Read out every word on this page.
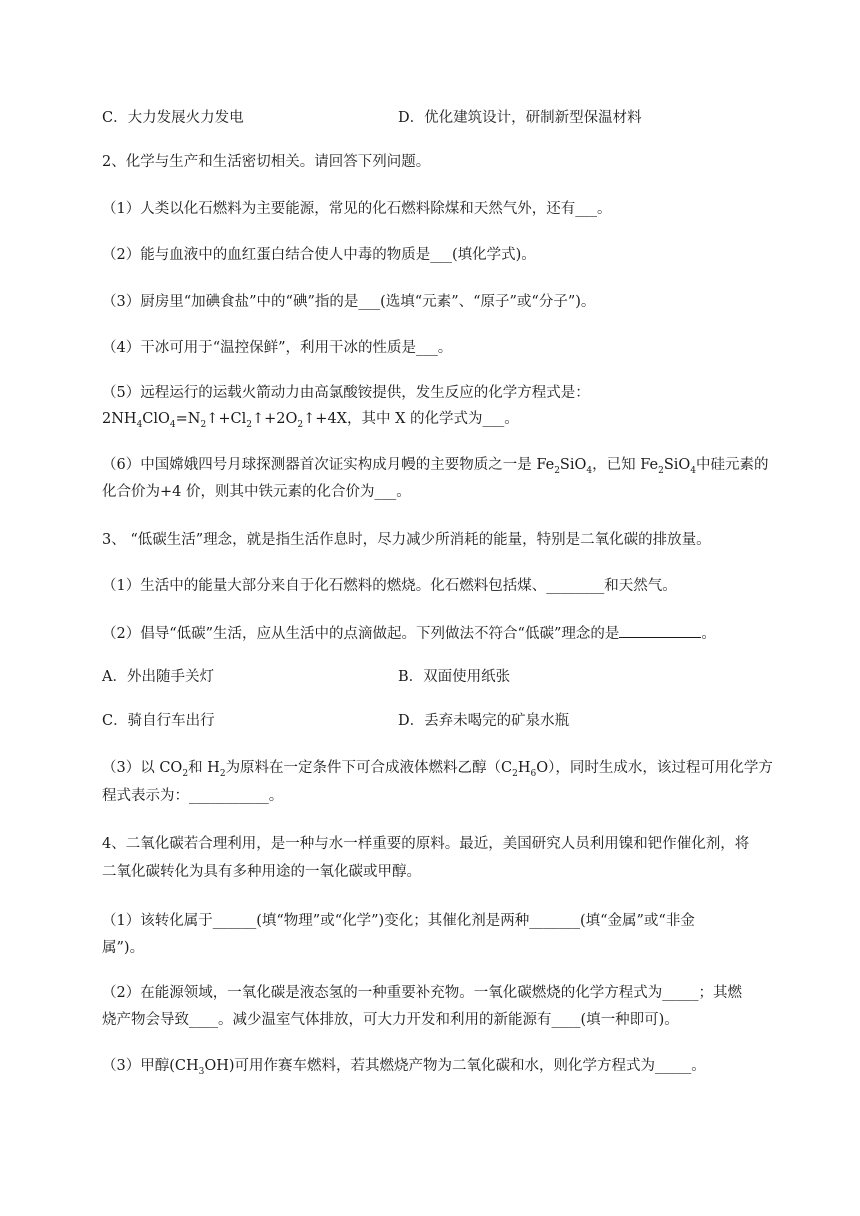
C．大力发展火力发电	D．优化建筑设计，研制新型保温材料
2、化学与生产和生活密切相关。请回答下列问题。
（1）人类以化石燃料为主要能源，常见的化石燃料除煤和天然气外，还有___。
（2）能与血液中的血红蛋白结合使人中毒的物质是___(填化学式)。
（3）厨房里“加碘食盐”中的“碘”指的是___(选填“元素”、“原子”或“分子”)。
（4）干冰可用于“温控保鲜”，利用干冰的性质是___。
（5）远程运行的运载火箭动力由高氯酸铵提供，发生反应的化学方程式是：
$2NH_4ClO_4=N_2↑+Cl_2↑+2O_2↑+4X$，其中 X 的化学式为___。
（6）中国嫦娥四号月球探测器首次证实构成月幔的主要物质之一是 $Fe_2SiO_4$，已知 $Fe_2SiO_4$中硅元素的
化合价为+4 价，则其中铁元素的化合价为___。
3、 “低碳生活”理念，就是指生活作息时，尽力减少所消耗的能量，特别是二氧化碳的排放量。
（1）生活中的能量大部分来自于化石燃料的燃烧。化石燃料包括煤、________和天然气。
（2）倡导“低碳”生活，应从生活中的点滴做起。下列做法不符合“低碳”理念的是	。
A．外出随手关灯	B．双面使用纸张
C．骑自行车出行	D．丢弃未喝完的矿泉水瓶
（3）以 $CO_2$和 $H_2$为原料在一定条件下可合成液体燃料乙醇$(C_2H_6O)$，同时生成水，该过程可用化学方
程式表示为：___________。
4、二氧化碳若合理利用，是一种与水一样重要的原料。最近，美国研究人员利用镍和钯作催化剂，将
二氧化碳转化为具有多种用途的一氧化碳或甲醇。
（1）该转化属于______(填“物理”或“化学”)变化；其催化剂是两种_______(填“金属”或“非金
属”)。
（2）在能源领域，一氧化碳是液态氢的一种重要补充物。一氧化碳燃烧的化学方程式为_____；其燃
烧产物会导致____。减少温室气体排放，可大力开发和利用的新能源有____(填一种即可)。
（3）甲醇$(CH_3OH)$可用作赛车燃料，若其燃烧产物为二氧化碳和水，则化学方程式为_____。
